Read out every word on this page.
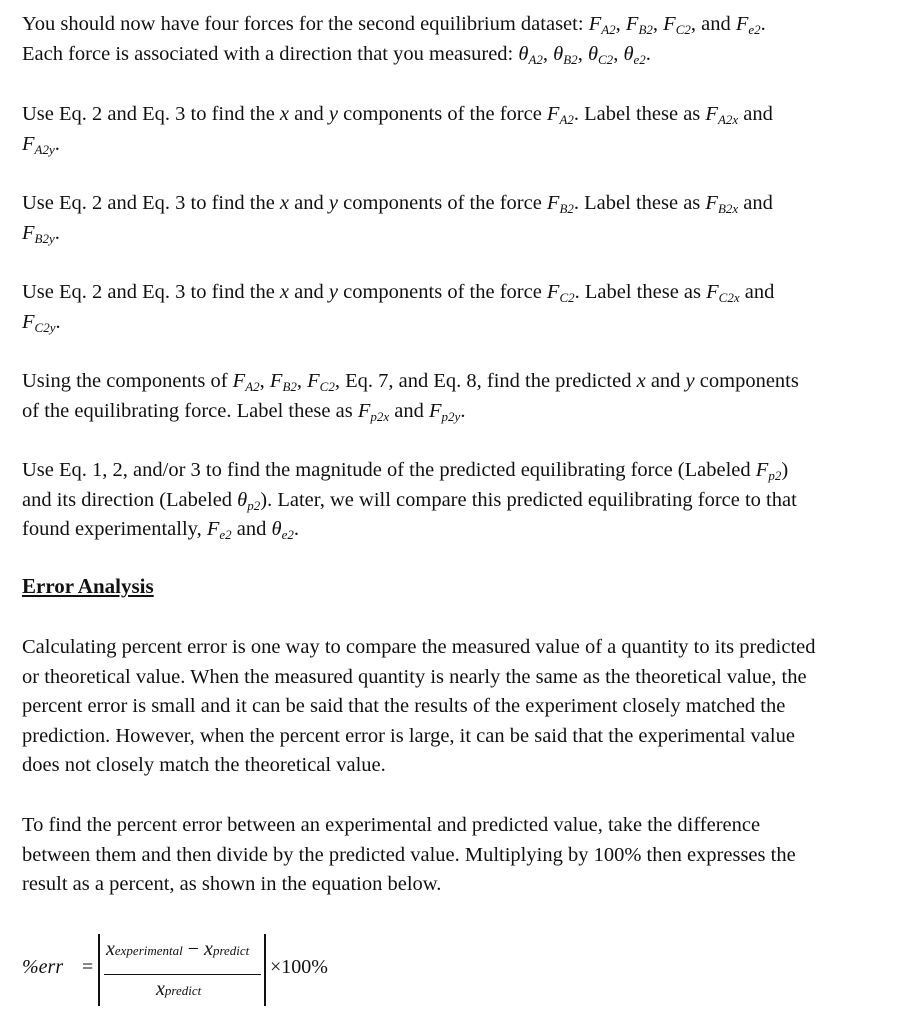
You should now have four forces for the second equilibrium dataset: $F_{A2}$, $F_{B2}$, $F_{C2}$, and $F_{e2}$.
Each force is associated with a direction that you measured: $\theta_{A2}$, $\theta_{B2}$, $\theta_{C2}$, $\theta_{e2}$.
Use Eq. 2 and Eq. 3 to find the x and y components of the force $F_{A2}$. Label these as $F_{A2x}$ and
$F_{A2y}$.
Use Eq. 2 and Eq. 3 to find the x and y components of the force $F_{B2}$. Label these as $F_{B2x}$ and
$F_{B2y}$.
Use Eq. 2 and Eq. 3 to find the x and y components of the force $F_{C2}$. Label these as $F_{C2x}$ and
$F_{C2y}$.
Using the components of $F_{A2}$, $F_{B2}$, $F_{C2}$, Eq. 7, and Eq. 8, find the predicted x and y components
of the equilibrating force. Label these as $F_{p2x}$ and $F_{p2y}$.
Use Eq. 1, 2, and/or 3 to find the magnitude of the predicted equilibrating force (Labeled $F_{p2}$)
and its direction (Labeled $\theta_{p2}$). Later, we will compare this predicted equilibrating force to that
found experimentally, $F_{e2}$ and $\theta_{e2}$.
Error Analysis
Calculating percent error is one way to compare the measured value of a quantity to its predicted
or theoretical value. When the measured quantity is nearly the same as the theoretical value, the
percent error is small and it can be said that the results of the experiment closely matched the
prediction. However, when the percent error is large, it can be said that the experimental value
does not closely match the theoretical value.
To find the percent error between an experimental and predicted value, take the difference
between them and then divide by the predicted value. Multiplying by 100% then expresses the
result as a percent, as shown in the equation below.
%err =
xexperimental − xpredict
xpredict
×100%
